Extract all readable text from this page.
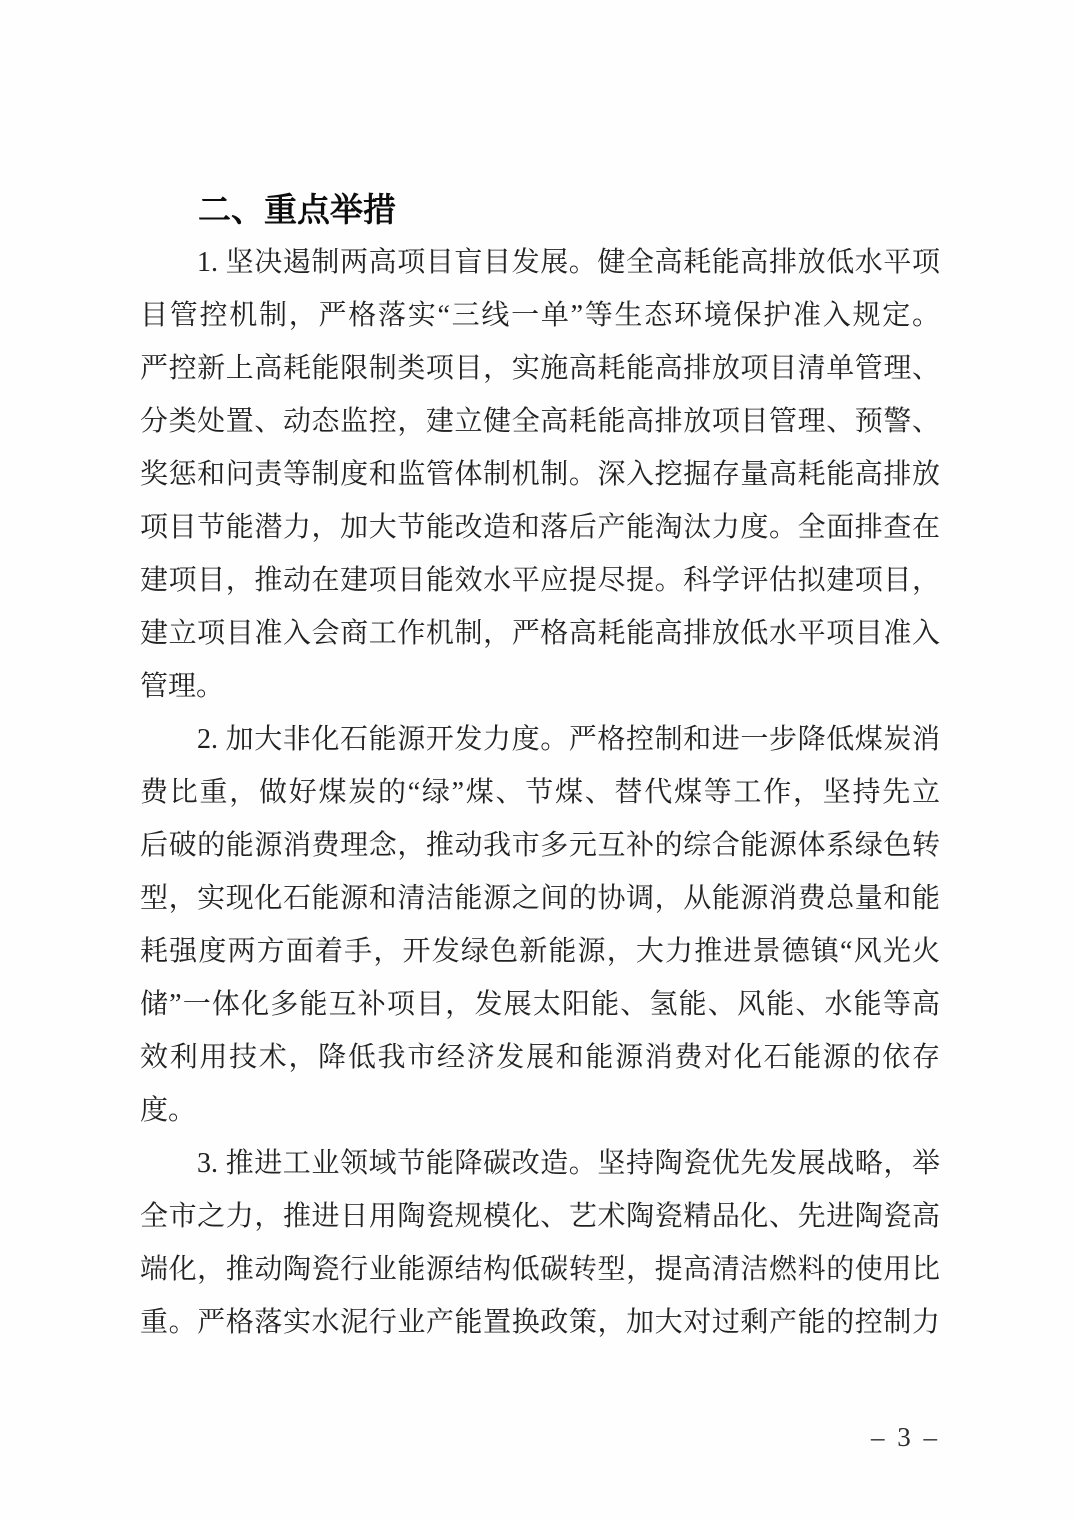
二、重点举措
1. 坚决遏制两高项目盲目发展。健全高耗能高排放低水平项
目管控机制，严格落实“三线一单”等生态环境保护准入规定。
严控新上高耗能限制类项目，实施高耗能高排放项目清单管理、
分类处置、动态监控，建立健全高耗能高排放项目管理、预警、
奖惩和问责等制度和监管体制机制。深入挖掘存量高耗能高排放
项目节能潜力，加大节能改造和落后产能淘汰力度。全面排查在
建项目，推动在建项目能效水平应提尽提。科学评估拟建项目，
建立项目准入会商工作机制，严格高耗能高排放低水平项目准入
管理。
2. 加大非化石能源开发力度。严格控制和进一步降低煤炭消
费比重，做好煤炭的“绿”煤、节煤、替代煤等工作，坚持先立
后破的能源消费理念，推动我市多元互补的综合能源体系绿色转
型，实现化石能源和清洁能源之间的协调，从能源消费总量和能
耗强度两方面着手，开发绿色新能源，大力推进景德镇“风光火
储”一体化多能互补项目，发展太阳能、氢能、风能、水能等高
效利用技术，降低我市经济发展和能源消费对化石能源的依存
度。
3. 推进工业领域节能降碳改造。坚持陶瓷优先发展战略，举
全市之力，推进日用陶瓷规模化、艺术陶瓷精品化、先进陶瓷高
端化，推动陶瓷行业能源结构低碳转型，提高清洁燃料的使用比
重。严格落实水泥行业产能置换政策，加大对过剩产能的控制力
– 3 –
